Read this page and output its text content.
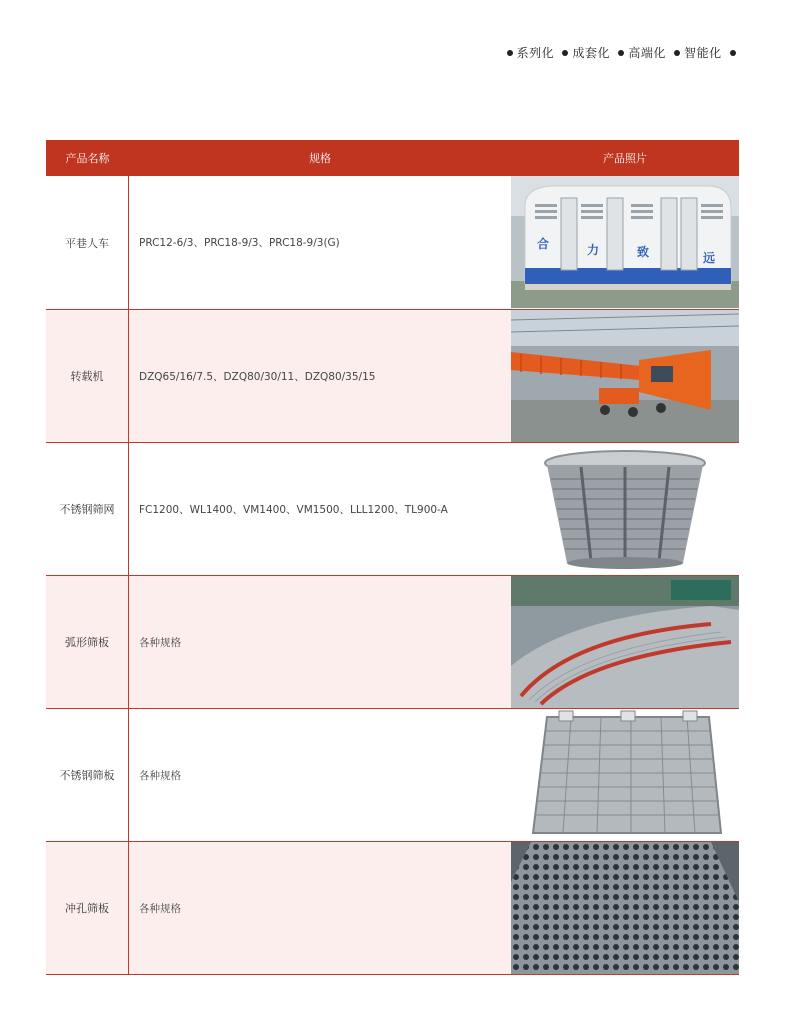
系列化 成套化 高端化 智能化
产品名称	规格	产品照片
平巷人车	PRC12-6/3、PRC18-9/3、PRC18-9/3(G)	合	力	致	远
转载机	DZQ65/16/7.5、DZQ80/30/11、DZQ80/35/15
不锈钢筛网	FC1200、WL1400、VM1400、VM1500、LLL1200、TL900-A
弧形筛板	各种规格
不锈钢筛板	各种规格
冲孔筛板	各种规格
